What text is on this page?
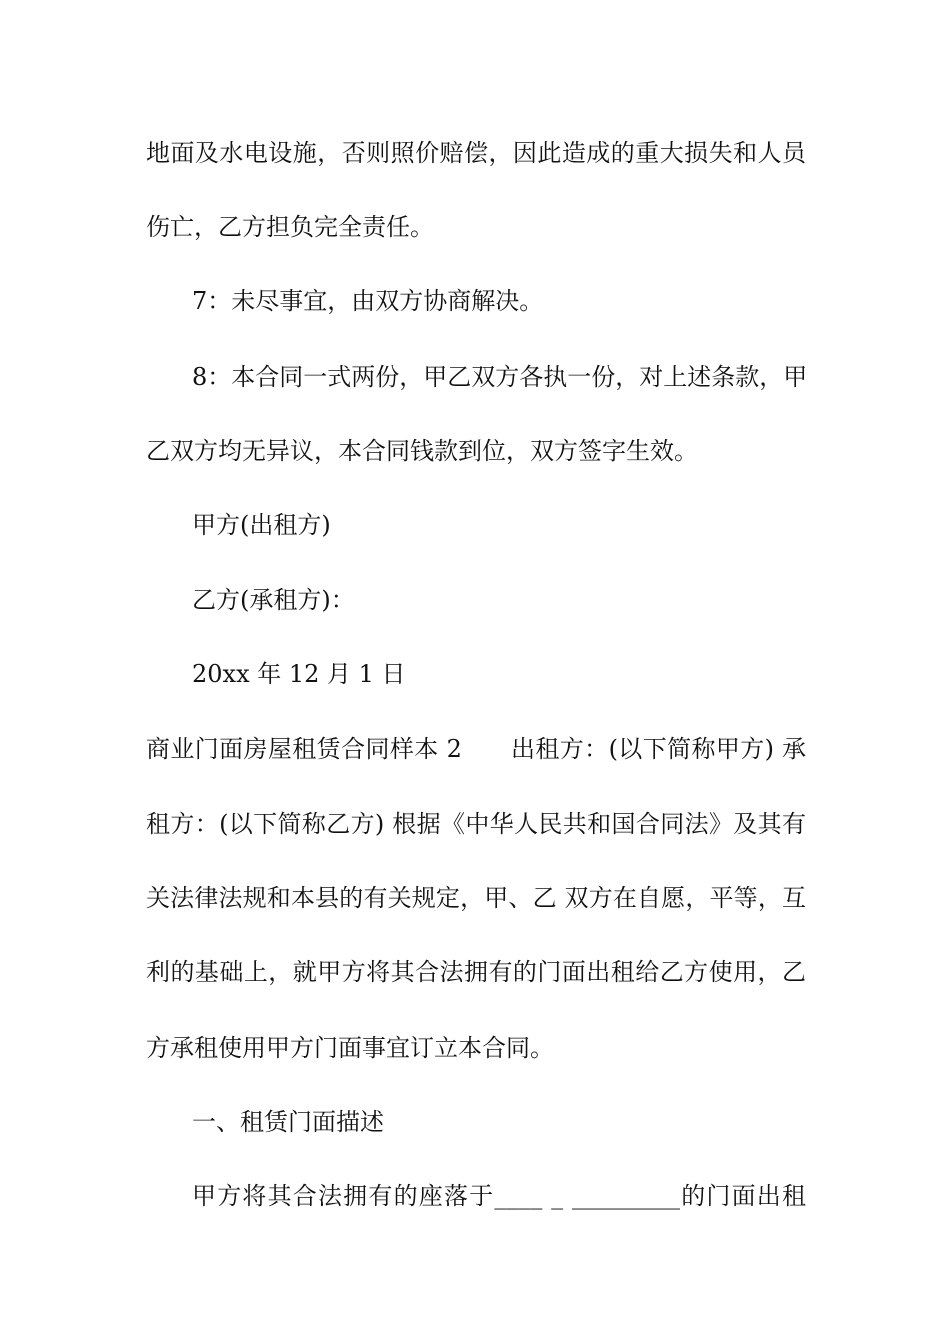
地面及水电设施，否则照价赔偿，因此造成的重大损失和人员
伤亡，乙方担负完全责任。
7：未尽事宜，由双方协商解决。
8：本合同一式两份，甲乙双方各执一份，对上述条款，甲
乙双方均无异议，本合同钱款到位，双方签字生效。
甲方(出租方)
乙方(承租方)：
20xx 年 12 月 1 日
商业门面房屋租赁合同样本 2　　出租方：(以下简称甲方) 承
租方：(以下简称乙方) 根据《中华人民共和国合同法》及其有
关法律法规和本县的有关规定，甲、乙 双方在自愿，平等，互
利的基础上，就甲方将其合法拥有的门面出租给乙方使用，乙
方承租使用甲方门面事宜订立本合同。
一、租赁门面描述
甲方将其合法拥有的座落于____ _ _________的门面出租
